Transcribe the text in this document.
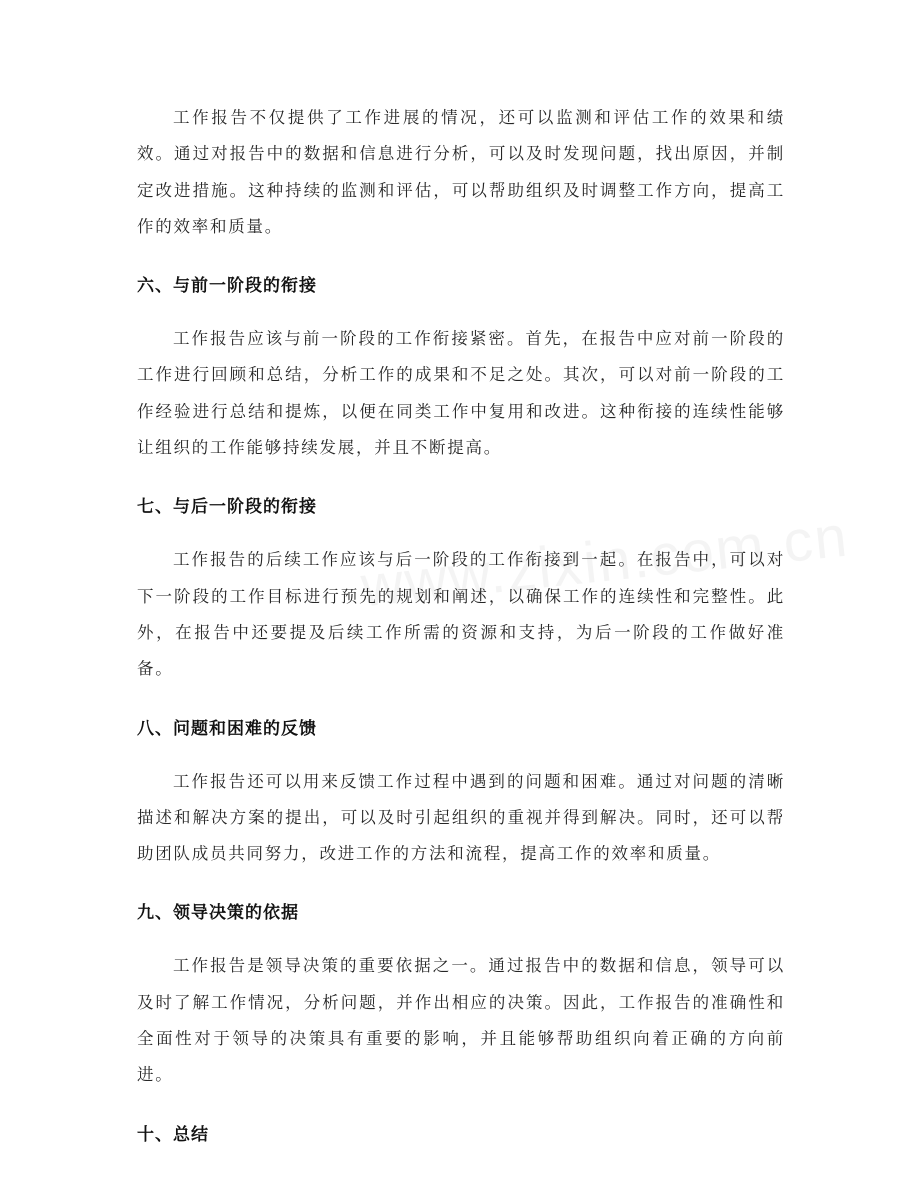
工作报告不仅提供了工作进展的情况，还可以监测和评估工作的效果和绩效。通过对报告中的数据和信息进行分析，可以及时发现问题，找出原因，并制定改进措施。这种持续的监测和评估，可以帮助组织及时调整工作方向，提高工作的效率和质量。

六、与前一阶段的衔接

工作报告应该与前一阶段的工作衔接紧密。首先，在报告中应对前一阶段的工作进行回顾和总结，分析工作的成果和不足之处。其次，可以对前一阶段的工作经验进行总结和提炼，以便在同类工作中复用和改进。这种衔接的连续性能够让组织的工作能够持续发展，并且不断提高。

七、与后一阶段的衔接

工作报告的后续工作应该与后一阶段的工作衔接到一起。在报告中，可以对下一阶段的工作目标进行预先的规划和阐述，以确保工作的连续性和完整性。此外，在报告中还要提及后续工作所需的资源和支持，为后一阶段的工作做好准备。

八、问题和困难的反馈

工作报告还可以用来反馈工作过程中遇到的问题和困难。通过对问题的清晰描述和解决方案的提出，可以及时引起组织的重视并得到解决。同时，还可以帮助团队成员共同努力，改进工作的方法和流程，提高工作的效率和质量。

九、领导决策的依据

工作报告是领导决策的重要依据之一。通过报告中的数据和信息，领导可以及时了解工作情况，分析问题，并作出相应的决策。因此，工作报告的准确性和全面性对于领导的决策具有重要的影响，并且能够帮助组织向着正确的方向前进。

十、总结
